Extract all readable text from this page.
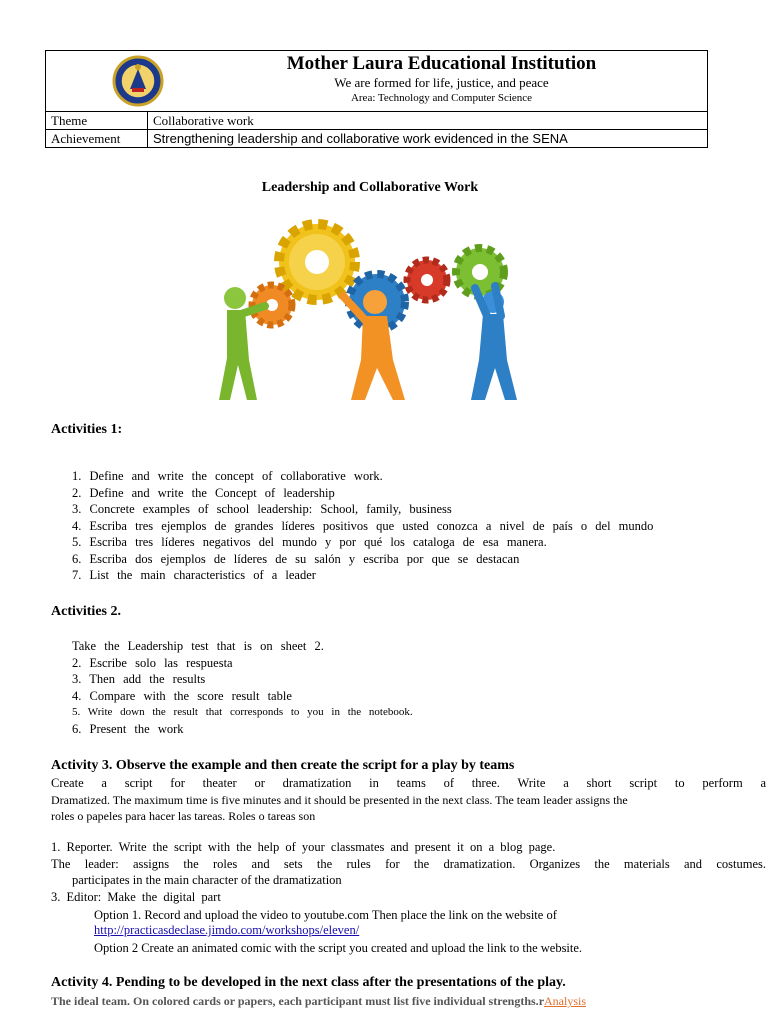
Mother Laura Educational Institution
We are formed for life, justice, and peace
Area: Technology and Computer Science
Theme	Collaborative work
Achievement	Strengthening leadership and collaborative work evidenced in the SENA
Leadership and Collaborative Work
Activities 1:
1. Define and write the concept of collaborative work.
2. Define and write the Concept of leadership
3. Concrete examples of school leadership: School, family, business
4. Escriba tres ejemplos de grandes líderes positivos que usted conozca a nivel de país o del mundo
5. Escriba tres líderes negativos del mundo y por qué los cataloga de esa manera.
6. Escriba dos ejemplos de líderes de su salón y escriba por que se destacan
7. List the main characteristics of a leader
Activities 2.
Take the Leadership test that is on sheet 2.
2. Escribe solo las respuesta
3. Then add the results
4. Compare with the score result table
5. Write down the result that corresponds to you in the notebook.
6. Present the work
Activity 3. Observe the example and then create the script for a play by teams
Create a script for theater or dramatization in teams of three. Write a short script to perform a
Dramatized. The maximum time is five minutes and it should be presented in the next class. The team leader assigns the
roles o papeles para hacer las tareas. Roles o tareas son
1. Reporter. Write the script with the help of your classmates and present it on a blog page.
The leader: assigns the roles and sets the rules for the dramatization. Organizes the materials and costumes.
participates in the main character of the dramatization
3. Editor: Make the digital part
Option 1. Record and upload the video to youtube.com Then place the link on the website of
http://practicasdeclase.jimdo.com/workshops/eleven/
Option 2 Create an animated comic with the script you created and upload the link to the website.
Activity 4. Pending to be developed in the next class after the presentations of the play.
The ideal team. On colored cards or papers, each participant must list five individual strengths.rAnalysis
